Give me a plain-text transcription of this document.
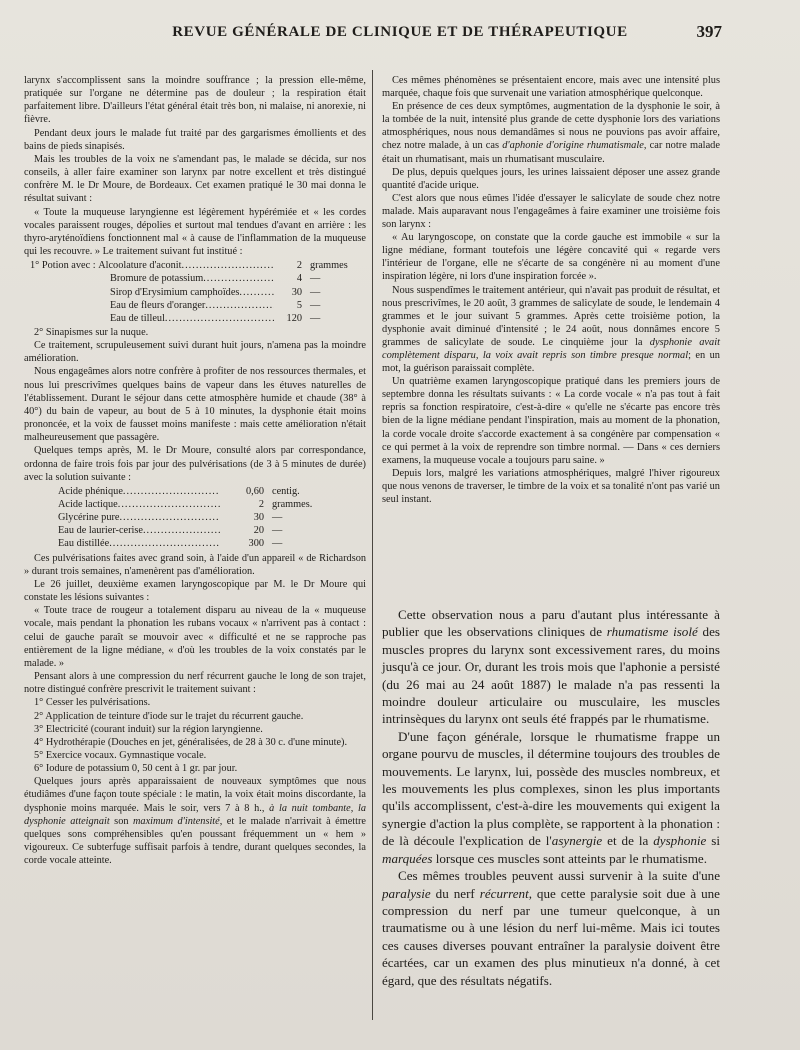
REVUE GÉNÉRALE DE CLINIQUE ET DE THÉRAPEUTIQUE	397

larynx s'accomplissent sans la moindre souffrance ; la pression elle-même, pratiquée sur l'organe ne détermine pas de douleur ; la respiration était parfaitement libre. D'ailleurs l'état général était très bon, ni malaise, ni anorexie, ni fièvre.

Pendant deux jours le malade fut traité par des gargarismes émollients et des bains de pieds sinapisés.

Mais les troubles de la voix ne s'amendant pas, le malade se décida, sur nos conseils, à aller faire examiner son larynx par notre excellent et très distingué confrère M. le Dr Moure, de Bordeaux. Cet examen pratiqué le 30 mai donna le résultat suivant :

« Toute la muqueuse laryngienne est légèrement hypérémiée et « les cordes vocales paraissent rouges, dépolies et surtout mal tendues d'avant en arrière : les thyro-aryténoïdiens fonctionnent mal « à cause de l'inflammation de la muqueuse qui les recouvre. » Le traitement suivant fut institué :

1° Potion avec :
Alcoolature d'aconit .....	2 grammes
Bromure de potassium .....	4 —
Sirop d'Erysimium camphoïdes .....	30 —
Eau de fleurs d'oranger .....	5 —
Eau de tilleul .....	120 —

2° Sinapismes sur la nuque.

Ce traitement, scrupuleusement suivi durant huit jours, n'amena pas la moindre amélioration.

Nous engageâmes alors notre confrère à profiter de nos ressources thermales, et nous lui prescrivîmes quelques bains de vapeur dans les étuves naturelles de l'établissement. Durant le séjour dans cette atmosphère humide et chaude (38° à 40°) du bain de vapeur, au bout de 5 à 10 minutes, la dysphonie était moins prononcée, et la voix de fausset moins manifeste : mais cette amélioration n'était malheureusement que passagère.

Quelques temps après, M. le Dr Moure, consulté alors par correspondance, ordonna de faire trois fois par jour des pulvérisations (de 3 à 5 minutes de durée) avec la solution suivante :

Acide phénique .....	0,60 centig.
Acide lactique .....	2 grammes.
Glycérine pure .....	30 —
Eau de laurier-cerise .....	20 —
Eau distillée .....	300 —

Ces pulvérisations faites avec grand soin, à l'aide d'un appareil « de Richardson » durant trois semaines, n'amenèrent pas d'amélioration.

Le 26 juillet, deuxième examen laryngoscopique par M. le Dr Moure qui constate les lésions suivantes :

« Toute trace de rougeur a totalement disparu au niveau de la « muqueuse vocale, mais pendant la phonation les rubans vocaux « n'arrivent pas à contact : celui de gauche paraît se mouvoir avec « difficulté et ne se rapproche pas entièrement de la ligne médiane, « d'où les troubles de la voix constatés par le malade. »

Pensant alors à une compression du nerf récurrent gauche le long de son trajet, notre distingué confrère prescrivit le traitement suivant :

1° Cesser les pulvérisations.

2° Application de teinture d'iode sur le trajet du récurrent gauche.

3° Electricité (courant induit) sur la région laryngienne.

4° Hydrothérapie (Douches en jet, généralisées, de 28 à 30 c. d'une minute).

5° Exercice vocaux. Gymnastique vocale.

6° Iodure de potassium 0, 50 cent à 1 gr. par jour.

Quelques jours après apparaissaient de nouveaux symptômes que nous étudiâmes d'une façon toute spéciale : le matin, la voix était moins discordante, la dysphonie moins marquée. Mais le soir, vers 7 à 8 h., à la nuit tombante, la dysphonie atteignait son maximum d'intensité, et le malade n'arrivait à émettre quelques sons compréhensibles qu'en poussant fréquemment un « hem » vigoureux. Ce subterfuge suffisait parfois à tendre, durant quelques secondes, la corde vocale atteinte.

Ces mêmes phénomènes se présentaient encore, mais avec une intensité plus marquée, chaque fois que survenait une variation atmosphérique quelconque.

En présence de ces deux symptômes, augmentation de la dysphonie le soir, à la tombée de la nuit, intensité plus grande de cette dysphonie lors des variations atmosphériques, nous nous demandâmes si nous ne pouvions pas avoir affaire, chez notre malade, à un cas d'aphonie d'origine rhumatismale, car notre malade était un rhumatisant, mais un rhumatisant musculaire.

De plus, depuis quelques jours, les urines laissaient déposer une assez grande quantité d'acide urique.

C'est alors que nous eûmes l'idée d'essayer le salicylate de soude chez notre malade. Mais auparavant nous l'engageâmes à faire examiner une troisième fois son larynx :

« Au laryngoscope, on constate que la corde gauche est immobile « sur la ligne médiane, formant toutefois une légère concavité qui « regarde vers l'intérieur de l'organe, elle ne s'écarte de sa congénère ni au moment d'une inspiration légère, ni lors d'une inspiration forcée ».

Nous suspendîmes le traitement antérieur, qui n'avait pas produit de résultat, et nous prescrivîmes, le 20 août, 3 grammes de salicylate de soude, le lendemain 4 grammes et le jour suivant 5 grammes. Après cette troisième potion, la dysphonie avait diminué d'intensité ; le 24 août, nous donnâmes encore 5 grammes de salicylate de soude. Le cinquième jour la dysphonie avait complètement disparu, la voix avait repris son timbre presque normal; en un mot, la guérison paraissait complète.

Un quatrième examen laryngoscopique pratiqué dans les premiers jours de septembre donna les résultats suivants : « La corde vocale « n'a pas tout à fait repris sa fonction respiratoire, c'est-à-dire « qu'elle ne s'écarte pas encore très bien de la ligne médiane pendant l'inspiration, mais au moment de la phonation, la corde vocale droite s'accorde exactement à sa congénère par compensation « ce qui permet à la voix de reprendre son timbre normal. — Dans « ces derniers examens, la muqueuse vocale a toujours paru saine. »

Depuis lors, malgré les variations atmosphériques, malgré l'hiver rigoureux que nous venons de traverser, le timbre de la voix et sa tonalité n'ont pas varié un seul instant.

Cette observation nous a paru d'autant plus intéressante à publier que les observations cliniques de rhumatisme isolé des muscles propres du larynx sont excessivement rares, du moins jusqu'à ce jour. Or, durant les trois mois que l'aphonie a persisté (du 26 mai au 24 août 1887) le malade n'a pas ressenti la moindre douleur articulaire ou musculaire, les muscles intrinsèques du larynx ont seuls été frappés par le rhumatisme.

D'une façon générale, lorsque le rhumatisme frappe un organe pourvu de muscles, il détermine toujours des troubles de mouvements. Le larynx, lui, possède des muscles nombreux, et les mouvements les plus complexes, sinon les plus importants qu'ils accomplissent, c'est-à-dire les mouvements qui exigent la synergie d'action la plus complète, se rapportent à la phonation : de là découle l'explication de l'asynergie et de la dysphonie si marquées lorsque ces muscles sont atteints par le rhumatisme.

Ces mêmes troubles peuvent aussi survenir à la suite d'une paralysie du nerf récurrent, que cette paralysie soit due à une compression du nerf par une tumeur quelconque, à un traumatisme ou à une lésion du nerf lui-même. Mais ici toutes ces causes diverses pouvant entraîner la paralysie doivent être écartées, car un examen des plus minutieux n'a donné, à cet égard, que des résultats négatifs.
